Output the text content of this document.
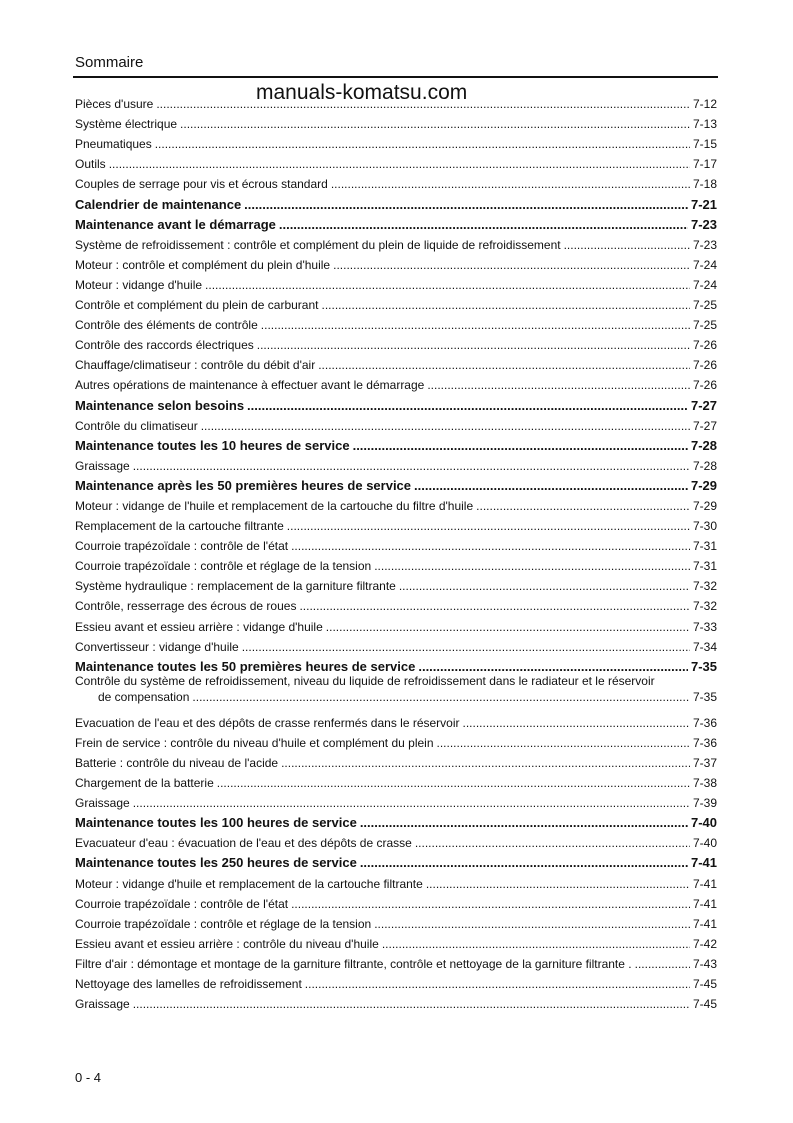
Sommaire
Pièces d'usure .....	7-12
Système électrique .....	7-13
Pneumatiques .....	7-15
Outils .....	7-17
Couples de serrage pour vis et écrous standard .....	7-18
Calendrier de maintenance .....	7-21
Maintenance avant le démarrage .....	7-23
Système de refroidissement : contrôle et complément du plein de liquide de refroidissement .....	7-23
Moteur : contrôle et complément du plein d'huile .....	7-24
Moteur : vidange d'huile .....	7-24
Contrôle et complément du plein de carburant .....	7-25
Contrôle des éléments de contrôle .....	7-25
Contrôle des raccords électriques .....	7-26
Chauffage/climatiseur : contrôle du débit d'air .....	7-26
Autres opérations de maintenance à effectuer avant le démarrage .....	7-26
Maintenance selon besoins .....	7-27
Contrôle du climatiseur .....	7-27
Maintenance toutes les 10 heures de service .....	7-28
Graissage .....	7-28
Maintenance après les 50 premières heures de service .....	7-29
Moteur : vidange de l'huile et remplacement de la cartouche du filtre d'huile .....	7-29
Remplacement de la cartouche filtrante .....	7-30
Courroie trapézoïdale : contrôle de l'état .....	7-31
Courroie trapézoïdale : contrôle et réglage de la tension .....	7-31
Système hydraulique : remplacement de la garniture filtrante .....	7-32
Contrôle, resserrage des écrous de roues .....	7-32
Essieu avant et essieu arrière : vidange d'huile .....	7-33
Convertisseur : vidange d'huile .....	7-34
Maintenance toutes les 50 premières heures de service .....	7-35
Contrôle du système de refroidissement, niveau du liquide de refroidissement dans le radiateur et le réservoir
de compensation .....	7-35
Evacuation de l'eau et des dépôts de crasse renfermés dans le réservoir .....	7-36
Frein de service : contrôle du niveau d'huile et complément du plein .....	7-36
Batterie : contrôle du niveau de l'acide .....	7-37
Chargement de la batterie .....	7-38
Graissage .....	7-39
Maintenance toutes les 100 heures de service .....	7-40
Evacuateur d'eau : évacuation de l'eau et des dépôts de crasse .....	7-40
Maintenance toutes les 250 heures de service .....	7-41
Moteur : vidange d'huile et remplacement de la cartouche filtrante .....	7-41
Courroie trapézoïdale : contrôle de l'état .....	7-41
Courroie trapézoïdale : contrôle et réglage de la tension .....	7-41
Essieu avant et essieu arrière : contrôle du niveau d'huile .....	7-42
Filtre d'air : démontage et montage de la garniture filtrante, contrôle et nettoyage de la garniture filtrante . .....	7-43
Nettoyage des lamelles de refroidissement .....	7-45
Graissage .....	7-45
manuals-komatsu.com
0 - 4
